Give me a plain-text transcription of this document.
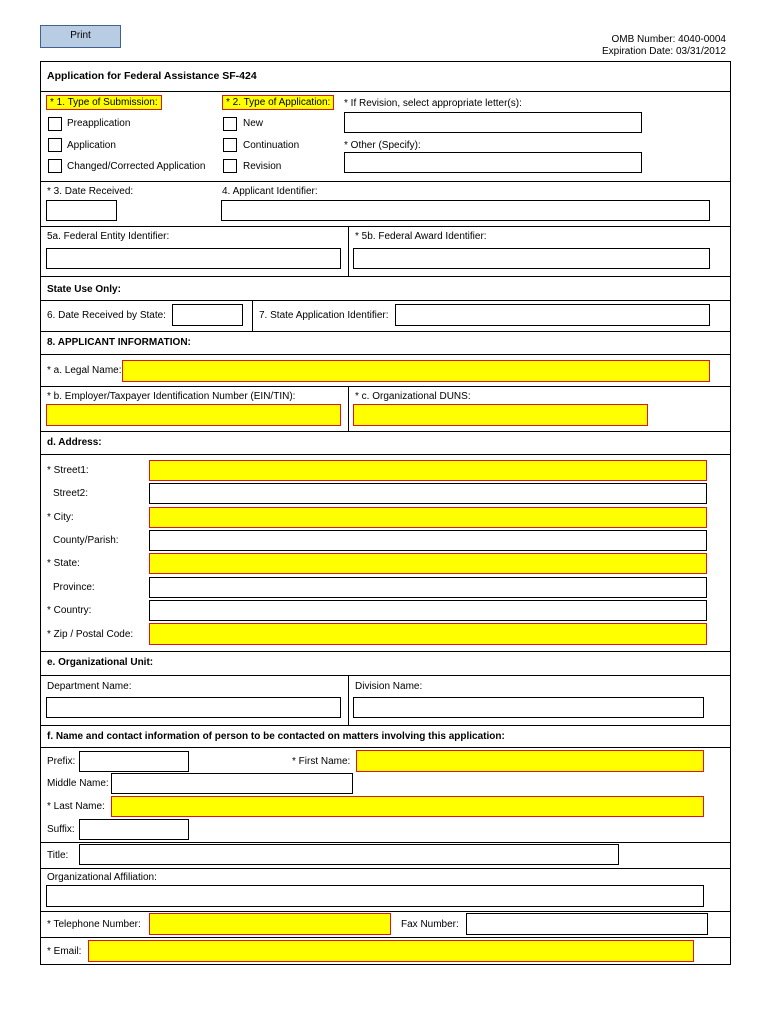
Print	OMB Number: 4040-0004
Expiration Date: 03/31/2012
Application for Federal Assistance SF-424
* 1. Type of Submission:
Preapplication
Application
Changed/Corrected Application
* 2. Type of Application:
New
Continuation
Revision
* If Revision, select appropriate letter(s):
* Other (Specify):
* 3. Date Received:	4. Applicant Identifier:
5a. Federal Entity Identifier:	* 5b. Federal Award Identifier:
State Use Only:
6. Date Received by State:	7. State Application Identifier:
8. APPLICANT INFORMATION:
* a. Legal Name:
* b. Employer/Taxpayer Identification Number (EIN/TIN):	* c. Organizational DUNS:
d. Address:
* Street1:
Street2:
* City:
County/Parish:
* State:
Province:
* Country:
* Zip / Postal Code:
e. Organizational Unit:
Department Name:	Division Name:
f. Name and contact information of person to be contacted on matters involving this application:
Prefix:	* First Name:
Middle Name:
* Last Name:
Suffix:
Title:
Organizational Affiliation:
* Telephone Number:	Fax Number:
* Email:
